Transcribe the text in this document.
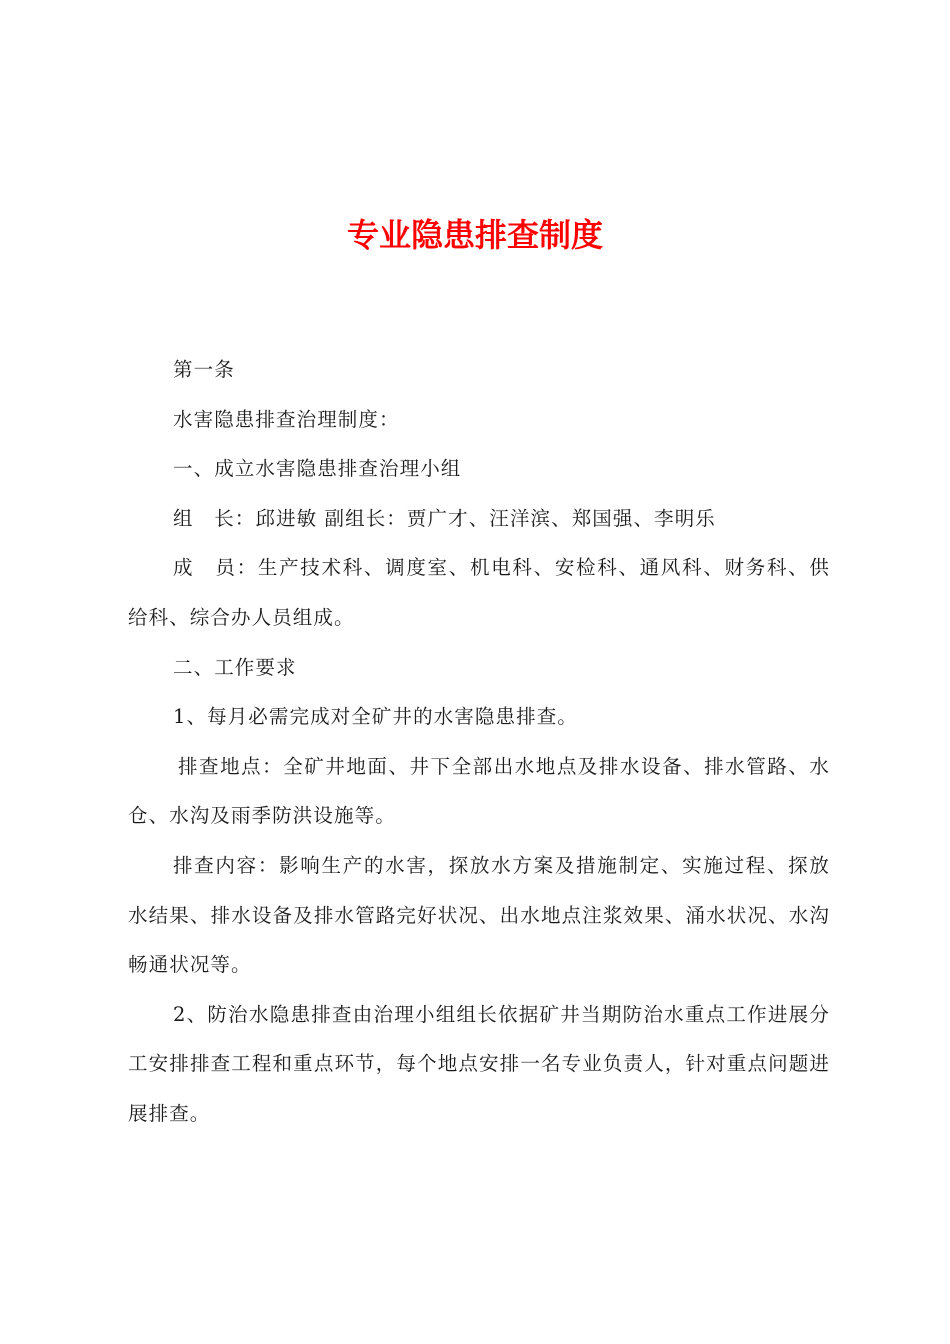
专业隐患排查制度

第一条

水害隐患排查治理制度：

一、成立水害隐患排查治理小组

组　长：邱进敏 副组长：贾广才、汪洋滨、郑国强、李明乐

成　员：生产技术科、调度室、机电科、安检科、通风科、财务科、供给科、综合办人员组成。

二、工作要求

1、每月必需完成对全矿井的水害隐患排查。

排查地点：全矿井地面、井下全部出水地点及排水设备、排水管路、水仓、水沟及雨季防洪设施等。

排查内容：影响生产的水害，探放水方案及措施制定、实施过程、探放水结果、排水设备及排水管路完好状况、出水地点注浆效果、涌水状况、水沟畅通状况等。

2、防治水隐患排查由治理小组组长依据矿井当期防治水重点工作进展分工安排排查工程和重点环节，每个地点安排一名专业负责人，针对重点问题进展排查。
